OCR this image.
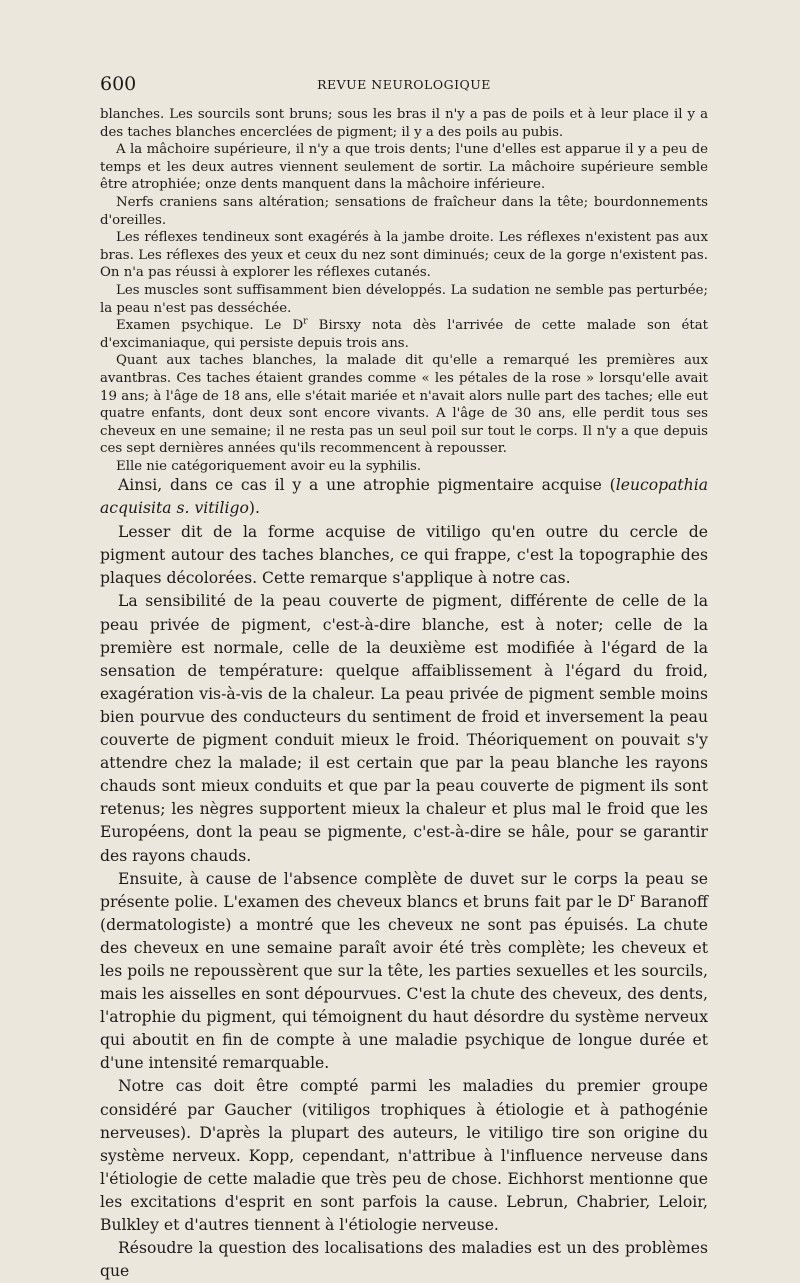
600	REVUE NEUROLOGIQUE

blanches. Les sourcils sont bruns; sous les bras il n'y a pas de poils et à leur place il y a des taches blanches encerclées de pigment; il y a des poils au pubis.

A la mâchoire supérieure, il n'y a que trois dents; l'une d'elles est apparue il y a peu de temps et les deux autres viennent seulement de sortir. La mâchoire supérieure semble être atrophiée; onze dents manquent dans la mâchoire inférieure.

Nerfs craniens sans altération; sensations de fraîcheur dans la tête; bourdonnements d'oreilles.

Les réflexes tendineux sont exagérés à la jambe droite. Les réflexes n'existent pas aux bras. Les réflexes des yeux et ceux du nez sont diminués; ceux de la gorge n'existent pas. On n'a pas réussi à explorer les réflexes cutanés.

Les muscles sont suffisamment bien développés. La sudation ne semble pas perturbée; la peau n'est pas desséchée.

Examen psychique. Le $D^r$ Birsxy nota dès l'arrivée de cette malade son état d'excimaniaque, qui persiste depuis trois ans.

Quant aux taches blanches, la malade dit qu'elle a remarqué les premières aux avantbras. Ces taches étaient grandes comme « les pétales de la rose » lorsqu'elle avait 19 ans; à l'âge de 18 ans, elle s'était mariée et n'avait alors nulle part des taches; elle eut quatre enfants, dont deux sont encore vivants. A l'âge de 30 ans, elle perdit tous ses cheveux en une semaine; il ne resta pas un seul poil sur tout le corps. Il n'y a que depuis ces sept dernières années qu'ils recommencent à repousser.

Elle nie catégoriquement avoir eu la syphilis.

Ainsi, dans ce cas il y a une atrophie pigmentaire acquise (leucopathia acquisita s. vitiligo).

Lesser dit de la forme acquise de vitiligo qu'en outre du cercle de pigment autour des taches blanches, ce qui frappe, c'est la topographie des plaques décolorées. Cette remarque s'applique à notre cas.

La sensibilité de la peau couverte de pigment, différente de celle de la peau privée de pigment, c'est-à-dire blanche, est à noter; celle de la première est normale, celle de la deuxième est modifiée à l'égard de la sensation de température: quelque affaiblissement à l'égard du froid, exagération vis-à-vis de la chaleur. La peau privée de pigment semble moins bien pourvue des conducteurs du sentiment de froid et inversement la peau couverte de pigment conduit mieux le froid. Théoriquement on pouvait s'y attendre chez la malade; il est certain que par la peau blanche les rayons chauds sont mieux conduits et que par la peau couverte de pigment ils sont retenus; les nègres supportent mieux la chaleur et plus mal le froid que les Européens, dont la peau se pigmente, c'est-à-dire se hâle, pour se garantir des rayons chauds.

Ensuite, à cause de l'absence complète de duvet sur le corps la peau se présente polie. L'examen des cheveux blancs et bruns fait par le $D^r$ Baranoff (dermatologiste) a montré que les cheveux ne sont pas épuisés. La chute des cheveux en une semaine paraît avoir été très complète; les cheveux et les poils ne repoussèrent que sur la tête, les parties sexuelles et les sourcils, mais les aisselles en sont dépourvues. C'est la chute des cheveux, des dents, l'atrophie du pigment, qui témoignent du haut désordre du système nerveux qui aboutit en fin de compte à une maladie psychique de longue durée et d'une intensité remarquable.

Notre cas doit être compté parmi les maladies du premier groupe considéré par Gaucher (vitiligos trophiques à étiologie et à pathogénie nerveuses). D'après la plupart des auteurs, le vitiligo tire son origine du système nerveux. Kopp, cependant, n'attribue à l'influence nerveuse dans l'étiologie de cette maladie que très peu de chose. Eichhorst mentionne que les excitations d'esprit en sont parfois la cause. Lebrun, Chabrier, Leloir, Bulkley et d'autres tiennent à l'étiologie nerveuse.

Résoudre la question des localisations des maladies est un des problèmes que
